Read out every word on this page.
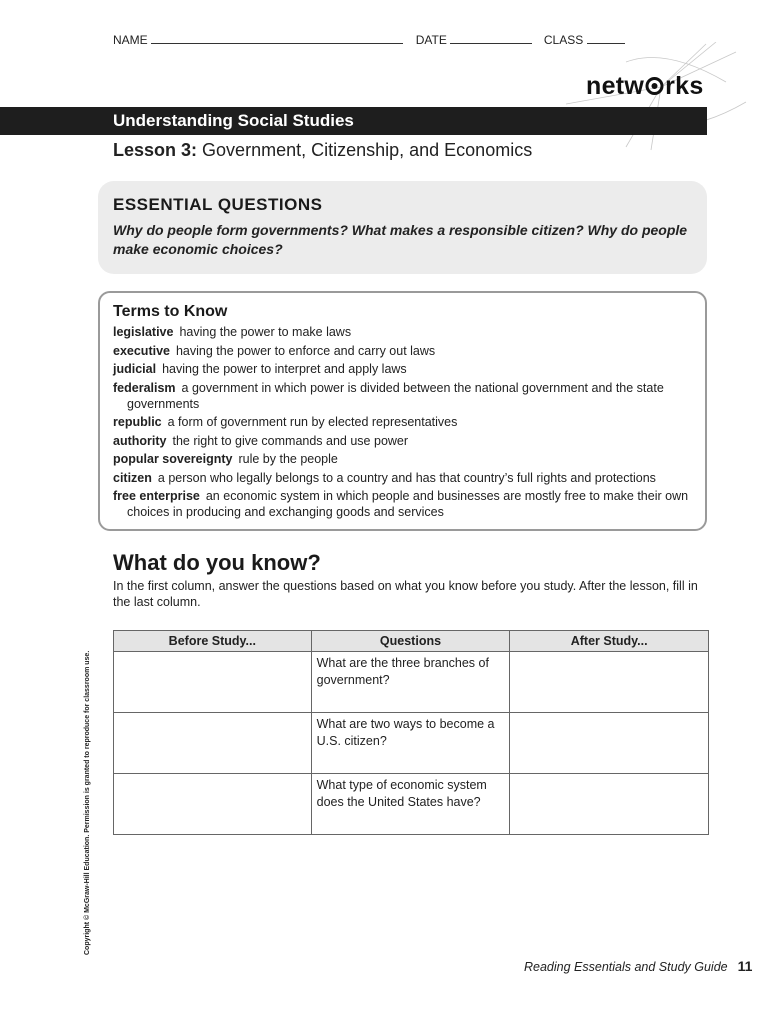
NAME	DATE	CLASS
netw rks
Understanding Social Studies
Lesson 3: Government, Citizenship, and Economics
ESSENTIAL QUESTIONS
Why do people form governments? What makes a responsible citizen? Why do people make economic choices?
Terms to Know
legislative having the power to make laws
executive having the power to enforce and carry out laws
judicial having the power to interpret and apply laws
federalism a government in which power is divided between the national government and the state governments
republic a form of government run by elected representatives
authority the right to give commands and use power
popular sovereignty rule by the people
citizen a person who legally belongs to a country and has that country’s full rights and protections
free enterprise an economic system in which people and businesses are mostly free to make their own choices in producing and exchanging goods and services
What do you know?
In the first column, answer the questions based on what you know before you study. After the lesson, fill in the last column.
Before Study...	Questions	After Study...
	What are the three branches of government?	
	What are two ways to become a U.S. citizen?	
	What type of economic system does the United States have?	
Copyright © McGraw-Hill Education. Permission is granted to reproduce for classroom use.
Reading Essentials and Study Guide 11
